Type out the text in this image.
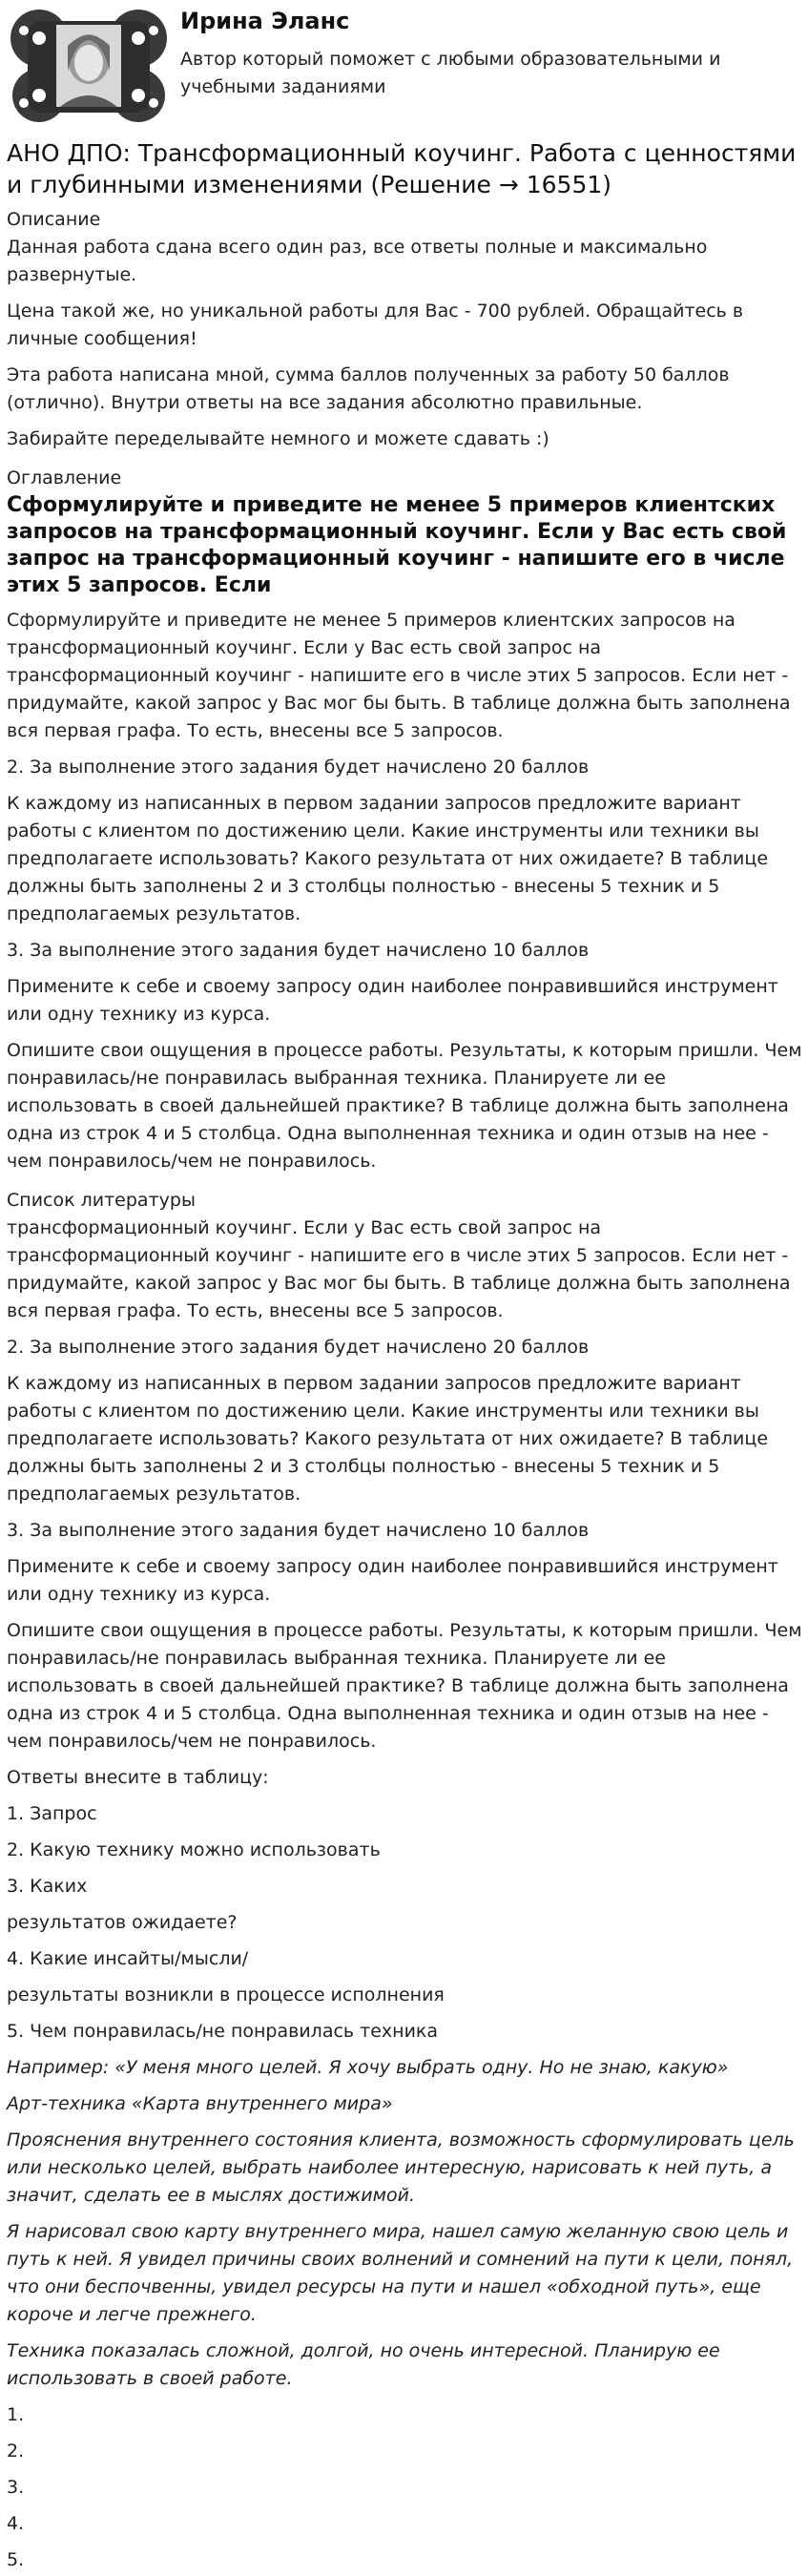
Ирина Эланс
Автор который поможет с любыми образовательными и учебными заданиями
АНО ДПО: Трансформационный коучинг. Работа с ценностями и глубинными изменениями (Решение → 16551)
Описание

Данная работа сдана всего один раз, все ответы полные и максимально развернутые.

Цена такой же, но уникальной работы для Вас - 700 рублей. Обращайтесь в личные сообщения!

Эта работа написана мной, сумма баллов полученных за работу 50 баллов (отлично). Внутри ответы на все задания абсолютно правильные.

Забирайте переделывайте немного и можете сдавать :)

Оглавление
Сформулируйте и приведите не менее 5 примеров клиентских запросов на трансформационный коучинг. Если у Вас есть свой запрос на трансформационный коучинг - напишите его в числе этих 5 запросов. Если

Сформулируйте и приведите не менее 5 примеров клиентских запросов на трансформационный коучинг. Если у Вас есть свой запрос на трансформационный коучинг - напишите его в числе этих 5 запросов. Если нет - придумайте, какой запрос у Вас мог бы быть. В таблице должна быть заполнена вся первая графа. То есть, внесены все 5 запросов.

2. За выполнение этого задания будет начислено 20 баллов

К каждому из написанных в первом задании запросов предложите вариант работы с клиентом по достижению цели. Какие инструменты или техники вы предполагаете использовать? Какого результата от них ожидаете? В таблице должны быть заполнены 2 и 3 столбцы полностью - внесены 5 техник и 5 предполагаемых результатов.

3. За выполнение этого задания будет начислено 10 баллов

Примените к себе и своему запросу один наиболее понравившийся инструмент или одну технику из курса.

Опишите свои ощущения в процессе работы. Результаты, к которым пришли. Чем понравилась/не понравилась выбранная техника. Планируете ли ее использовать в своей дальнейшей практике? В таблице должна быть заполнена одна из строк 4 и 5 столбца. Одна выполненная техника и один отзыв на нее - чем понравилось/чем не понравилось.

Список литературы

трансформационный коучинг. Если у Вас есть свой запрос на трансформационный коучинг - напишите его в числе этих 5 запросов. Если нет - придумайте, какой запрос у Вас мог бы быть. В таблице должна быть заполнена вся первая графа. То есть, внесены все 5 запросов.

2. За выполнение этого задания будет начислено 20 баллов

К каждому из написанных в первом задании запросов предложите вариант работы с клиентом по достижению цели. Какие инструменты или техники вы предполагаете использовать? Какого результата от них ожидаете? В таблице должны быть заполнены 2 и 3 столбцы полностью - внесены 5 техник и 5 предполагаемых результатов.

3. За выполнение этого задания будет начислено 10 баллов

Примените к себе и своему запросу один наиболее понравившийся инструмент или одну технику из курса.

Опишите свои ощущения в процессе работы. Результаты, к которым пришли. Чем понравилась/не понравилась выбранная техника. Планируете ли ее использовать в своей дальнейшей практике? В таблице должна быть заполнена одна из строк 4 и 5 столбца. Одна выполненная техника и один отзыв на нее - чем понравилось/чем не понравилось.

Ответы внесите в таблицу:

1. Запрос

2. Какую технику можно использовать

3. Каких

результатов ожидаете?

4. Какие инсайты/мысли/

результаты возникли в процессе исполнения

5. Чем понравилась/не понравилась техника

Например: «У меня много целей. Я хочу выбрать одну. Но не знаю, какую»

Арт-техника «Карта внутреннего мира»

Прояснения внутреннего состояния клиента, возможность сформулировать цель или несколько целей, выбрать наиболее интересную, нарисовать к ней путь, а значит, сделать ее в мыслях достижимой.

Я нарисовал свою карту внутреннего мира, нашел самую желанную свою цель и путь к ней. Я увидел причины своих волнений и сомнений на пути к цели, понял, что они беспочвенны, увидел ресурсы на пути и нашел «обходной путь», еще короче и легче прежнего.

Техника показалась сложной, долгой, но очень интересной. Планирую ее использовать в своей работе.

1.

2.

3.

4.

5.
